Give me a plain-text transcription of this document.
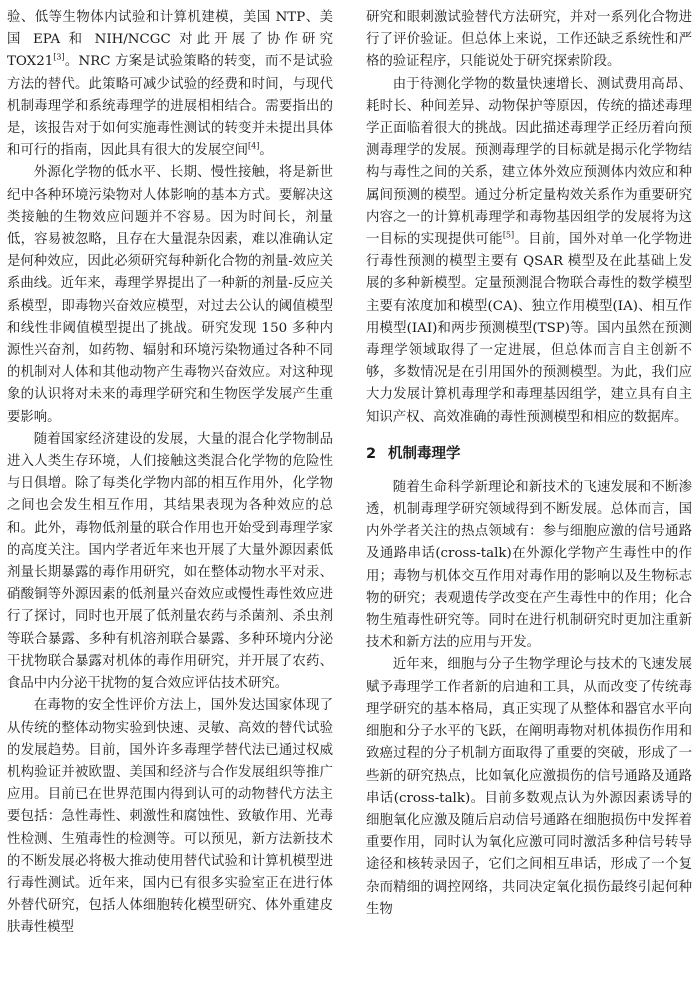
验、低等生物体内试验和计算机建模，美国 NTP、美国 EPA 和 NIH/NCGC 对此开展了协作研究 TOX21[3]。NRC 方案是试验策略的转变，而不是试验方法的替代。此策略可减少试验的经费和时间，与现代机制毒理学和系统毒理学的进展相相结合。需要指出的是，该报告对于如何实施毒性测试的转变并未提出具体和可行的指南，因此具有很大的发展空间[4]。

外源化学物的低水平、长期、慢性接触，将是新世纪中各种环境污染物对人体影响的基本方式。要解决这类接触的生物效应问题并不容易。因为时间长，剂量低，容易被忽略，且存在大量混杂因素，难以准确认定是何种效应，因此必须研究每种新化合物的剂量-效应关系曲线。近年来，毒理学界提出了一种新的剂量-反应关系模型，即毒物兴奋效应模型，对过去公认的阈值模型和线性非阈值模型提出了挑战。研究发现 150 多种内源性兴奋剂，如药物、辐射和环境污染物通过各种不同的机制对人体和其他动物产生毒物兴奋效应。对这种现象的认识将对未来的毒理学研究和生物医学发展产生重要影响。

随着国家经济建设的发展，大量的混合化学物制品进入人类生存环境，人们接触这类混合化学物的危险性与日俱增。除了每类化学物内部的相互作用外，化学物之间也会发生相互作用，其结果表现为各种效应的总和。此外，毒物低剂量的联合作用也开始受到毒理学家的高度关注。国内学者近年来也开展了大量外源因素低剂量长期暴露的毒作用研究，如在整体动物水平对汞、硝酸铜等外源因素的低剂量兴奋效应或慢性毒性效应进行了探讨，同时也开展了低剂量农药与杀菌剂、杀虫剂等联合暴露、多种有机溶剂联合暴露、多种环境内分泌干扰物联合暴露对机体的毒作用研究，并开展了农药、食品中内分泌干扰物的复合效应评估技术研究。

在毒物的安全性评价方法上，国外发达国家体现了从传统的整体动物实验到快速、灵敏、高效的替代试验的发展趋势。目前，国外许多毒理学替代法已通过权威机构验证并被欧盟、美国和经济与合作发展组织等推广应用。目前已在世界范围内得到认可的动物替代方法主要包括：急性毒性、刺激性和腐蚀性、致敏作用、光毒性检测、生殖毒性的检测等。可以预见，新方法新技术的不断发展必将极大推动使用替代试验和计算机模型进行毒性测试。近年来，国内已有很多实验室正在进行体外替代研究，包括人体细胞转化模型研究、体外重建皮肤毒性模型

研究和眼刺激试验替代方法研究，并对一系列化合物进行了评价验证。但总体上来说，工作还缺乏系统性和严格的验证程序，只能说处于研究探索阶段。

由于待测化学物的数量快速增长、测试费用高昂、耗时长、种间差异、动物保护等原因，传统的描述毒理学正面临着很大的挑战。因此描述毒理学正经历着向预测毒理学的发展。预测毒理学的目标就是揭示化学物结构与毒性之间的关系，建立体外效应预测体内效应和种属间预测的模型。通过分析定量构效关系作为重要研究内容之一的计算机毒理学和毒物基因组学的发展将为这一目标的实现提供可能[5]。目前，国外对单一化学物进行毒性预测的模型主要有 QSAR 模型及在此基础上发展的多种新模型。定量预测混合物联合毒性的数学模型主要有浓度加和模型(CA)、独立作用模型(IA)、相互作用模型(IAI)和两步预测模型(TSP)等。国内虽然在预测毒理学领域取得了一定进展，但总体而言自主创新不够，多数情况是在引用国外的预测模型。为此，我们应大力发展计算机毒理学和毒理基因组学，建立具有自主知识产权、高效准确的毒性预测模型和相应的数据库。

2 机制毒理学

随着生命科学新理论和新技术的飞速发展和不断渗透，机制毒理学研究领域得到不断发展。总体而言，国内外学者关注的热点领域有：参与细胞应激的信号通路及通路串话(cross-talk)在外源化学物产生毒性中的作用；毒物与机体交互作用对毒作用的影响以及生物标志物的研究；表观遗传学改变在产生毒性中的作用；化合物生殖毒性研究等。同时在进行机制研究时更加注重新技术和新方法的应用与开发。

近年来，细胞与分子生物学理论与技术的飞速发展赋予毒理学工作者新的启迪和工具，从而改变了传统毒理学研究的基本格局，真正实现了从整体和器官水平向细胞和分子水平的飞跃，在阐明毒物对机体损伤作用和致癌过程的分子机制方面取得了重要的突破，形成了一些新的研究热点，比如氧化应激损伤的信号通路及通路串话(cross-talk)。目前多数观点认为外源因素诱导的细胞氧化应激及随后启动信号通路在细胞损伤中发挥着重要作用，同时认为氧化应激可同时激活多种信号转导途径和核转录因子，它们之间相互串话，形成了一个复杂而精细的调控网络，共同决定氧化损伤最终引起何种生物
